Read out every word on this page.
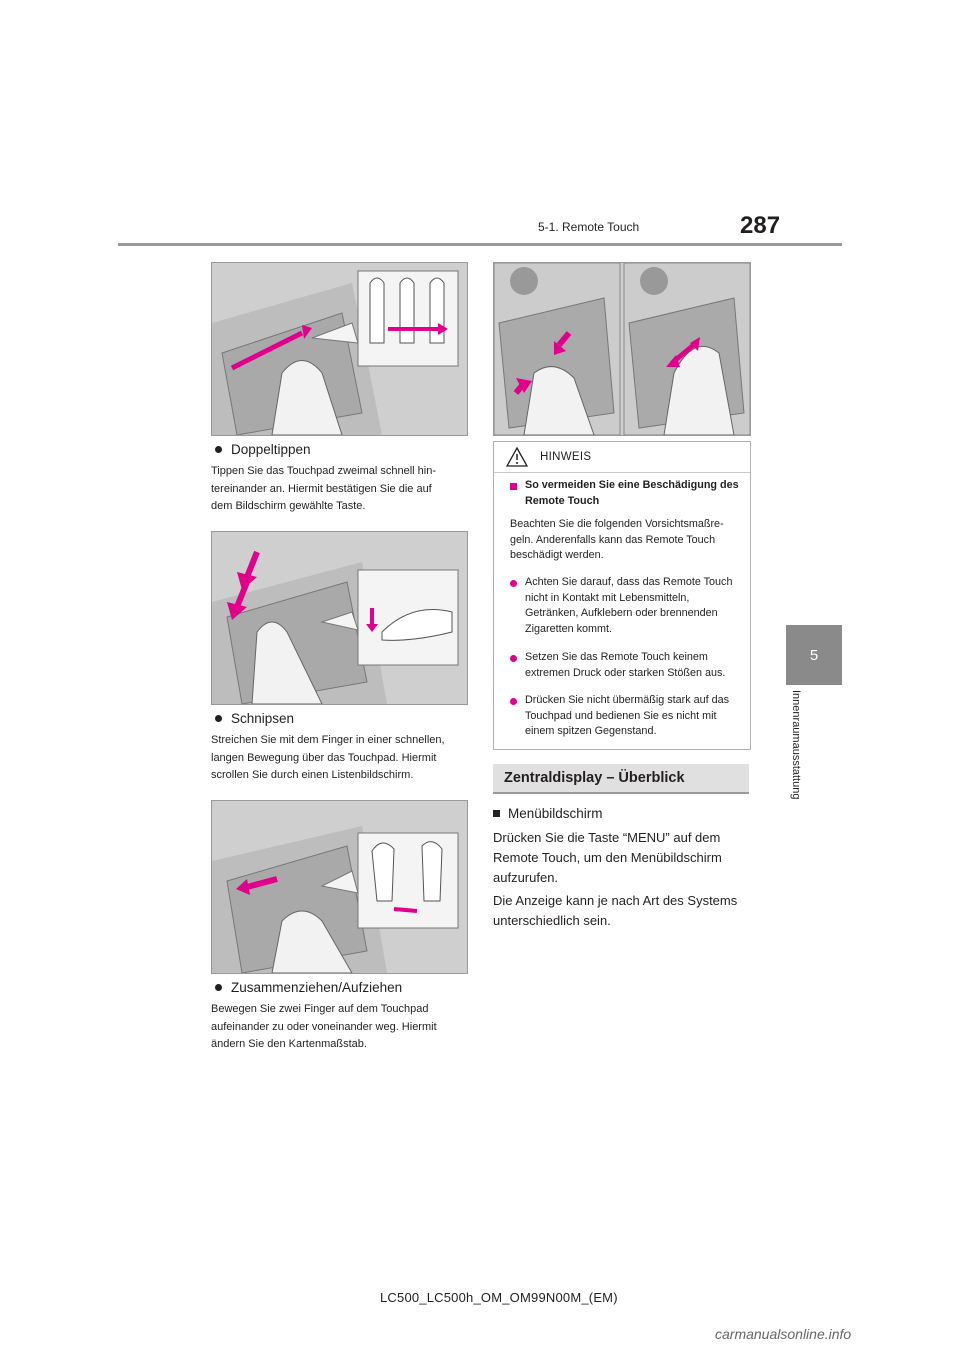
5-1. Remote Touch	287
5
Innenraumausstattung
Doppeltippen
Tippen Sie das Touchpad zweimal schnell hin-
tereinander an. Hiermit bestätigen Sie die auf
dem Bildschirm gewählte Taste.
Schnipsen
Streichen Sie mit dem Finger in einer schnellen,
langen Bewegung über das Touchpad. Hiermit
scrollen Sie durch einen Listenbildschirm.
Zusammenziehen/Aufziehen
Bewegen Sie zwei Finger auf dem Touchpad
aufeinander zu oder voneinander weg. Hiermit
ändern Sie den Kartenmaßstab.
HINWEIS
So vermeiden Sie eine Beschädigung des
Remote Touch
Beachten Sie die folgenden Vorsichtsmaßre-
geln. Anderenfalls kann das Remote Touch
beschädigt werden.
Achten Sie darauf, dass das Remote Touch
nicht in Kontakt mit Lebensmitteln,
Getränken, Aufklebern oder brennenden
Zigaretten kommt.
Setzen Sie das Remote Touch keinem
extremen Druck oder starken Stößen aus.
Drücken Sie nicht übermäßig stark auf das
Touchpad und bedienen Sie es nicht mit
einem spitzen Gegenstand.
Zentraldisplay – Überblick
Menübildschirm
Drücken Sie die Taste “MENU” auf dem
Remote Touch, um den Menübildschirm
aufzurufen.
Die Anzeige kann je nach Art des Systems
unterschiedlich sein.
LC500_LC500h_OM_OM99N00M_(EM)
carmanualsonline.info
